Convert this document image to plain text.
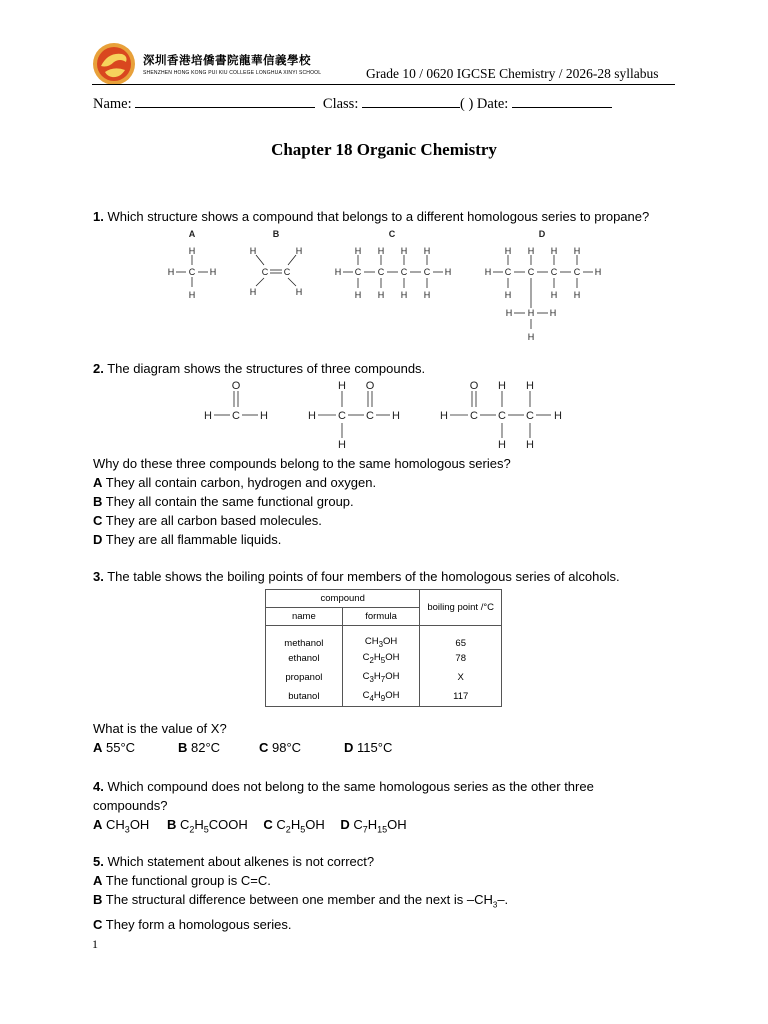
深圳香港培僑書院龍華信義學校
SHENZHEN HONG KONG PUI KIU COLLEGE LONGHUA XINYI SCHOOL	Grade 10 / 0620 IGCSE Chemistry / 2026-28 syllabus
Name:	Class:	( ) Date:
Chapter 18 Organic Chemistry
1. Which structure shows a compound that belongs to a different homologous series to propane?
A	B	C	D
H
H C H
H
H	H
C C
H	H
H H H H
H C C C C H
H H H H
H H H H
H C C C C H
H	H H
H H H
H
2. The diagram shows the structures of three compounds.
O
H C H
H O
H C C H
H
O H H
H C C C H
H H
Why do these three compounds belong to the same homologous series?
A They all contain carbon, hydrogen and oxygen.
B They all contain the same functional group.
C They are all carbon based molecules.
D They are all flammable liquids.
3. The table shows the boiling points of four members of the homologous series of alcohols.
compound		boiling point /°C
name	formula	
methanol	$CH_3OH$	65
ethanol	$C_2H_5OH$	78
propanol	$C_3H_7OH$	X
butanol	$C_4H_9OH$	117
What is the value of X?
A 55°C	B 82°C	C 98°C	D 115°C
4. Which compound does not belong to the same homologous series as the other three
compounds?
A $CH_3OH$ B $C_2H_5COOH$ C $C_2H_5OH$ D $C_7H_{15}OH$
5. Which statement about alkenes is not correct?
A The functional group is C=C.
B The structural difference between one member and the next is $-CH_3-$.
C They form a homologous series.
1
